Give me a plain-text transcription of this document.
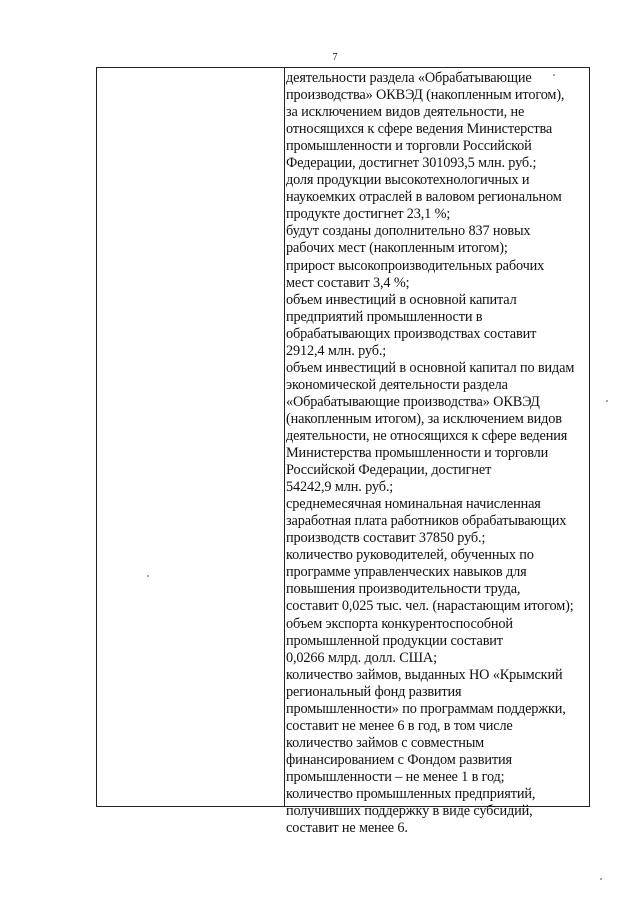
7
деятельности раздела «Обрабатывающие
производства» ОКВЭД (накопленным итогом),
за исключением видов деятельности, не
относящихся к сфере ведения Министерства
промышленности и торговли Российской
Федерации, достигнет 301093,5 млн. руб.;
доля продукции высокотехнологичных и
наукоемких отраслей в валовом региональном
продукте достигнет 23,1 %;
будут созданы дополнительно 837 новых
рабочих мест (накопленным итогом);
прирост высокопроизводительных рабочих
мест составит 3,4 %;
объем инвестиций в основной капитал
предприятий промышленности в
обрабатывающих производствах составит
2912,4 млн. руб.;
объем инвестиций в основной капитал по видам
экономической деятельности раздела
«Обрабатывающие производства» ОКВЭД
(накопленным итогом), за исключением видов
деятельности, не относящихся к сфере ведения
Министерства промышленности и торговли
Российской Федерации, достигнет
54242,9 млн. руб.;
среднемесячная номинальная начисленная
заработная плата работников обрабатывающих
производств составит 37850 руб.;
количество руководителей, обученных по
программе управленческих навыков для
повышения производительности труда,
составит 0,025 тыс. чел. (нарастающим итогом);
объем экспорта конкурентоспособной
промышленной продукции составит
0,0266 млрд. долл. США;
количество займов, выданных НО «Крымский
региональный фонд развития
промышленности» по программам поддержки,
составит не менее 6 в год, в том числе
количество займов с совместным
финансированием с Фондом развития
промышленности – не менее 1 в год;
количество промышленных предприятий,
получивших поддержку в виде субсидий,
составит не менее 6.
